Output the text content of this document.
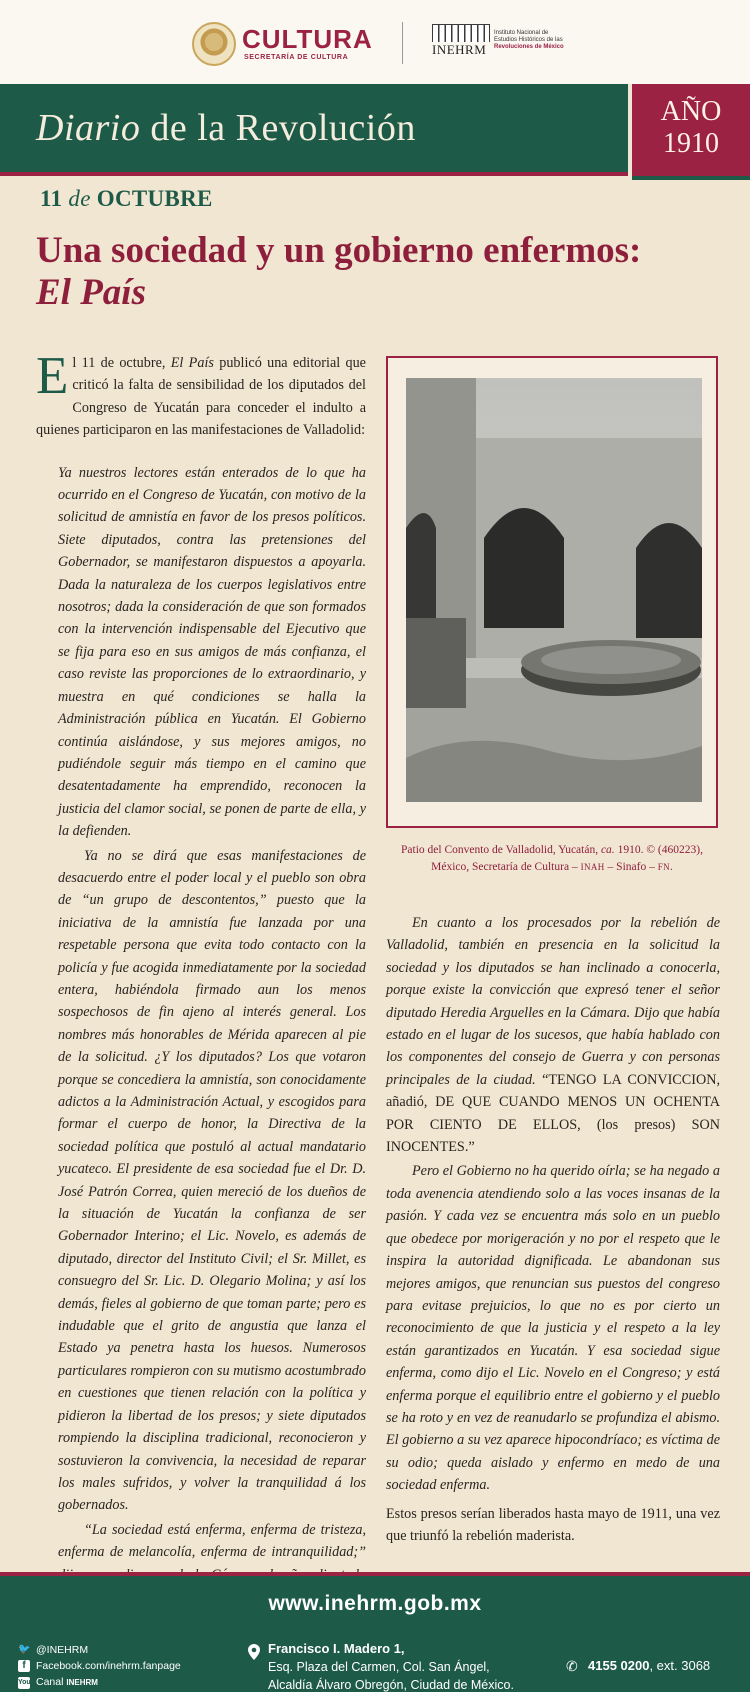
CULTURA
SECRETARÍA DE CULTURA
INEHRM
Instituto Nacional de
Estudios Históricos de las
Revoluciones de México
Diario de la Revolución	AÑO
1910
11 de OCTUBRE
Una sociedad y un gobierno enfermos:
El País

El 11 de octubre, El País publicó una editorial que criticó la falta de sensibilidad de los diputados del Congreso de Yucatán para conceder el indulto a quienes participaron en las manifestaciones de Valladolid:

Ya nuestros lectores están enterados de lo que ha ocurrido en el Congreso de Yucatán, con motivo de la solicitud de amnistía en favor de los presos políticos. Siete diputados, contra las pretensiones del Gobernador, se manifestaron dispuestos a apoyarla. Dada la naturaleza de los cuerpos legislativos entre nosotros; dada la consideración de que son formados con la intervención indispensable del Ejecutivo que se fija para eso en sus amigos de más confianza, el caso reviste las proporciones de lo extraordinario, y muestra en qué condiciones se halla la Administración pública en Yucatán. El Gobierno continúa aislándose, y sus mejores amigos, no pudiéndole seguir más tiempo en el camino que desatentadamente ha emprendido, reconocen la justicia del clamor social, se ponen de parte de ella, y la defienden.

Ya no se dirá que esas manifestaciones de desacuerdo entre el poder local y el pueblo son obra de “un grupo de descontentos,” puesto que la iniciativa de la amnistía fue lanzada por una respetable persona que evita todo contacto con la policía y fue acogida inmediatamente por la sociedad entera, habiéndola firmado aun los menos sospechosos de fin ajeno al interés general. Los nombres más honorables de Mérida aparecen al pie de la solicitud. ¿Y los diputados? Los que votaron porque se concediera la amnistía, son conocidamente adictos a la Administración Actual, y escogidos para formar el cuerpo de honor, la Directiva de la sociedad política que postuló al actual mandatario yucateco. El presidente de esa sociedad fue el Dr. D. José Patrón Correa, quien mereció de los dueños de la situación de Yucatán la confianza de ser Gobernador Interino; el Lic. Novelo, es además de diputado, director del Instituto Civil; el Sr. Millet, es consuegro del Sr. Lic. D. Olegario Molina; y así los demás, fieles al gobierno de que toman parte; pero es indudable que el grito de angustia que lanza el Estado ya penetra hasta los huesos. Numerosos particulares rompieron con su mutismo acostumbrado en cuestiones que tienen relación con la política y pidieron la libertad de los presos; y siete diputados rompiendo la disciplina tradicional, reconocieron y sostuvieron la convivencia, la necesidad de reparar los males sufridos, y volver la tranquilidad á los gobernados.

“La sociedad está enferma, enferma de tristeza, enferma de melancolía, enferma de intranquilidad;”

Patio del Convento de Valladolid, Yucatán, ca. 1910. © (460223),
México, Secretaría de Cultura – INAH – Sinafo – FN.

En cuanto a los procesados por la rebelión de Valladolid, también en presencia en la solicitud la sociedad y los diputados se han inclinado a conocerla, porque existe la convicción que expresó tener el señor diputado Heredia Arguelles en la Cámara. Dijo que había estado en el lugar de los sucesos, que había hablado con los componentes del consejo de Guerra y con personas principales de la ciudad. “TENGO LA CONVICCION, añadió, DE QUE CUANDO MENOS UN OCHENTA POR CIENTO DE ELLOS, (los presos) SON INOCENTES.”

Pero el Gobierno no ha querido oírla; se ha negado a toda avenencia atendiendo solo a las voces insanas de la pasión. Y cada vez se encuentra más solo en un pueblo que obedece por morigeración y no por el respeto que le inspira la autoridad dignificada. Le abandonan sus mejores amigos, que renuncian sus puestos del congreso para evitase prejuicios, lo que no es por cierto un reconocimiento de que la justicia y el respeto a la ley están garantizados en Yucatán. Y esa sociedad sigue enferma, como dijo el Lic. Novelo en el Congreso; y está enferma porque el equilibrio entre el gobierno y el pueblo se ha roto y en vez de reanudarlo se profundiza el abismo. El gobierno a su vez aparece hipocondríaco; es víctima de su odio; queda aislado y enfermo en medo de una sociedad enferma.

Estos presos serían liberados hasta mayo de 1911, una vez que triunfó la rebelión maderista.

www.inehrm.gob.mx
🐦 @INEHRM
f Facebook.com/inehrm.fanpage
You Canal INEHRM
Francisco I. Madero 1,
Esq. Plaza del Carmen, Col. San Ángel,
Alcaldía Álvaro Obregón, Ciudad de México.
✆ 4155 0200, ext. 3068
